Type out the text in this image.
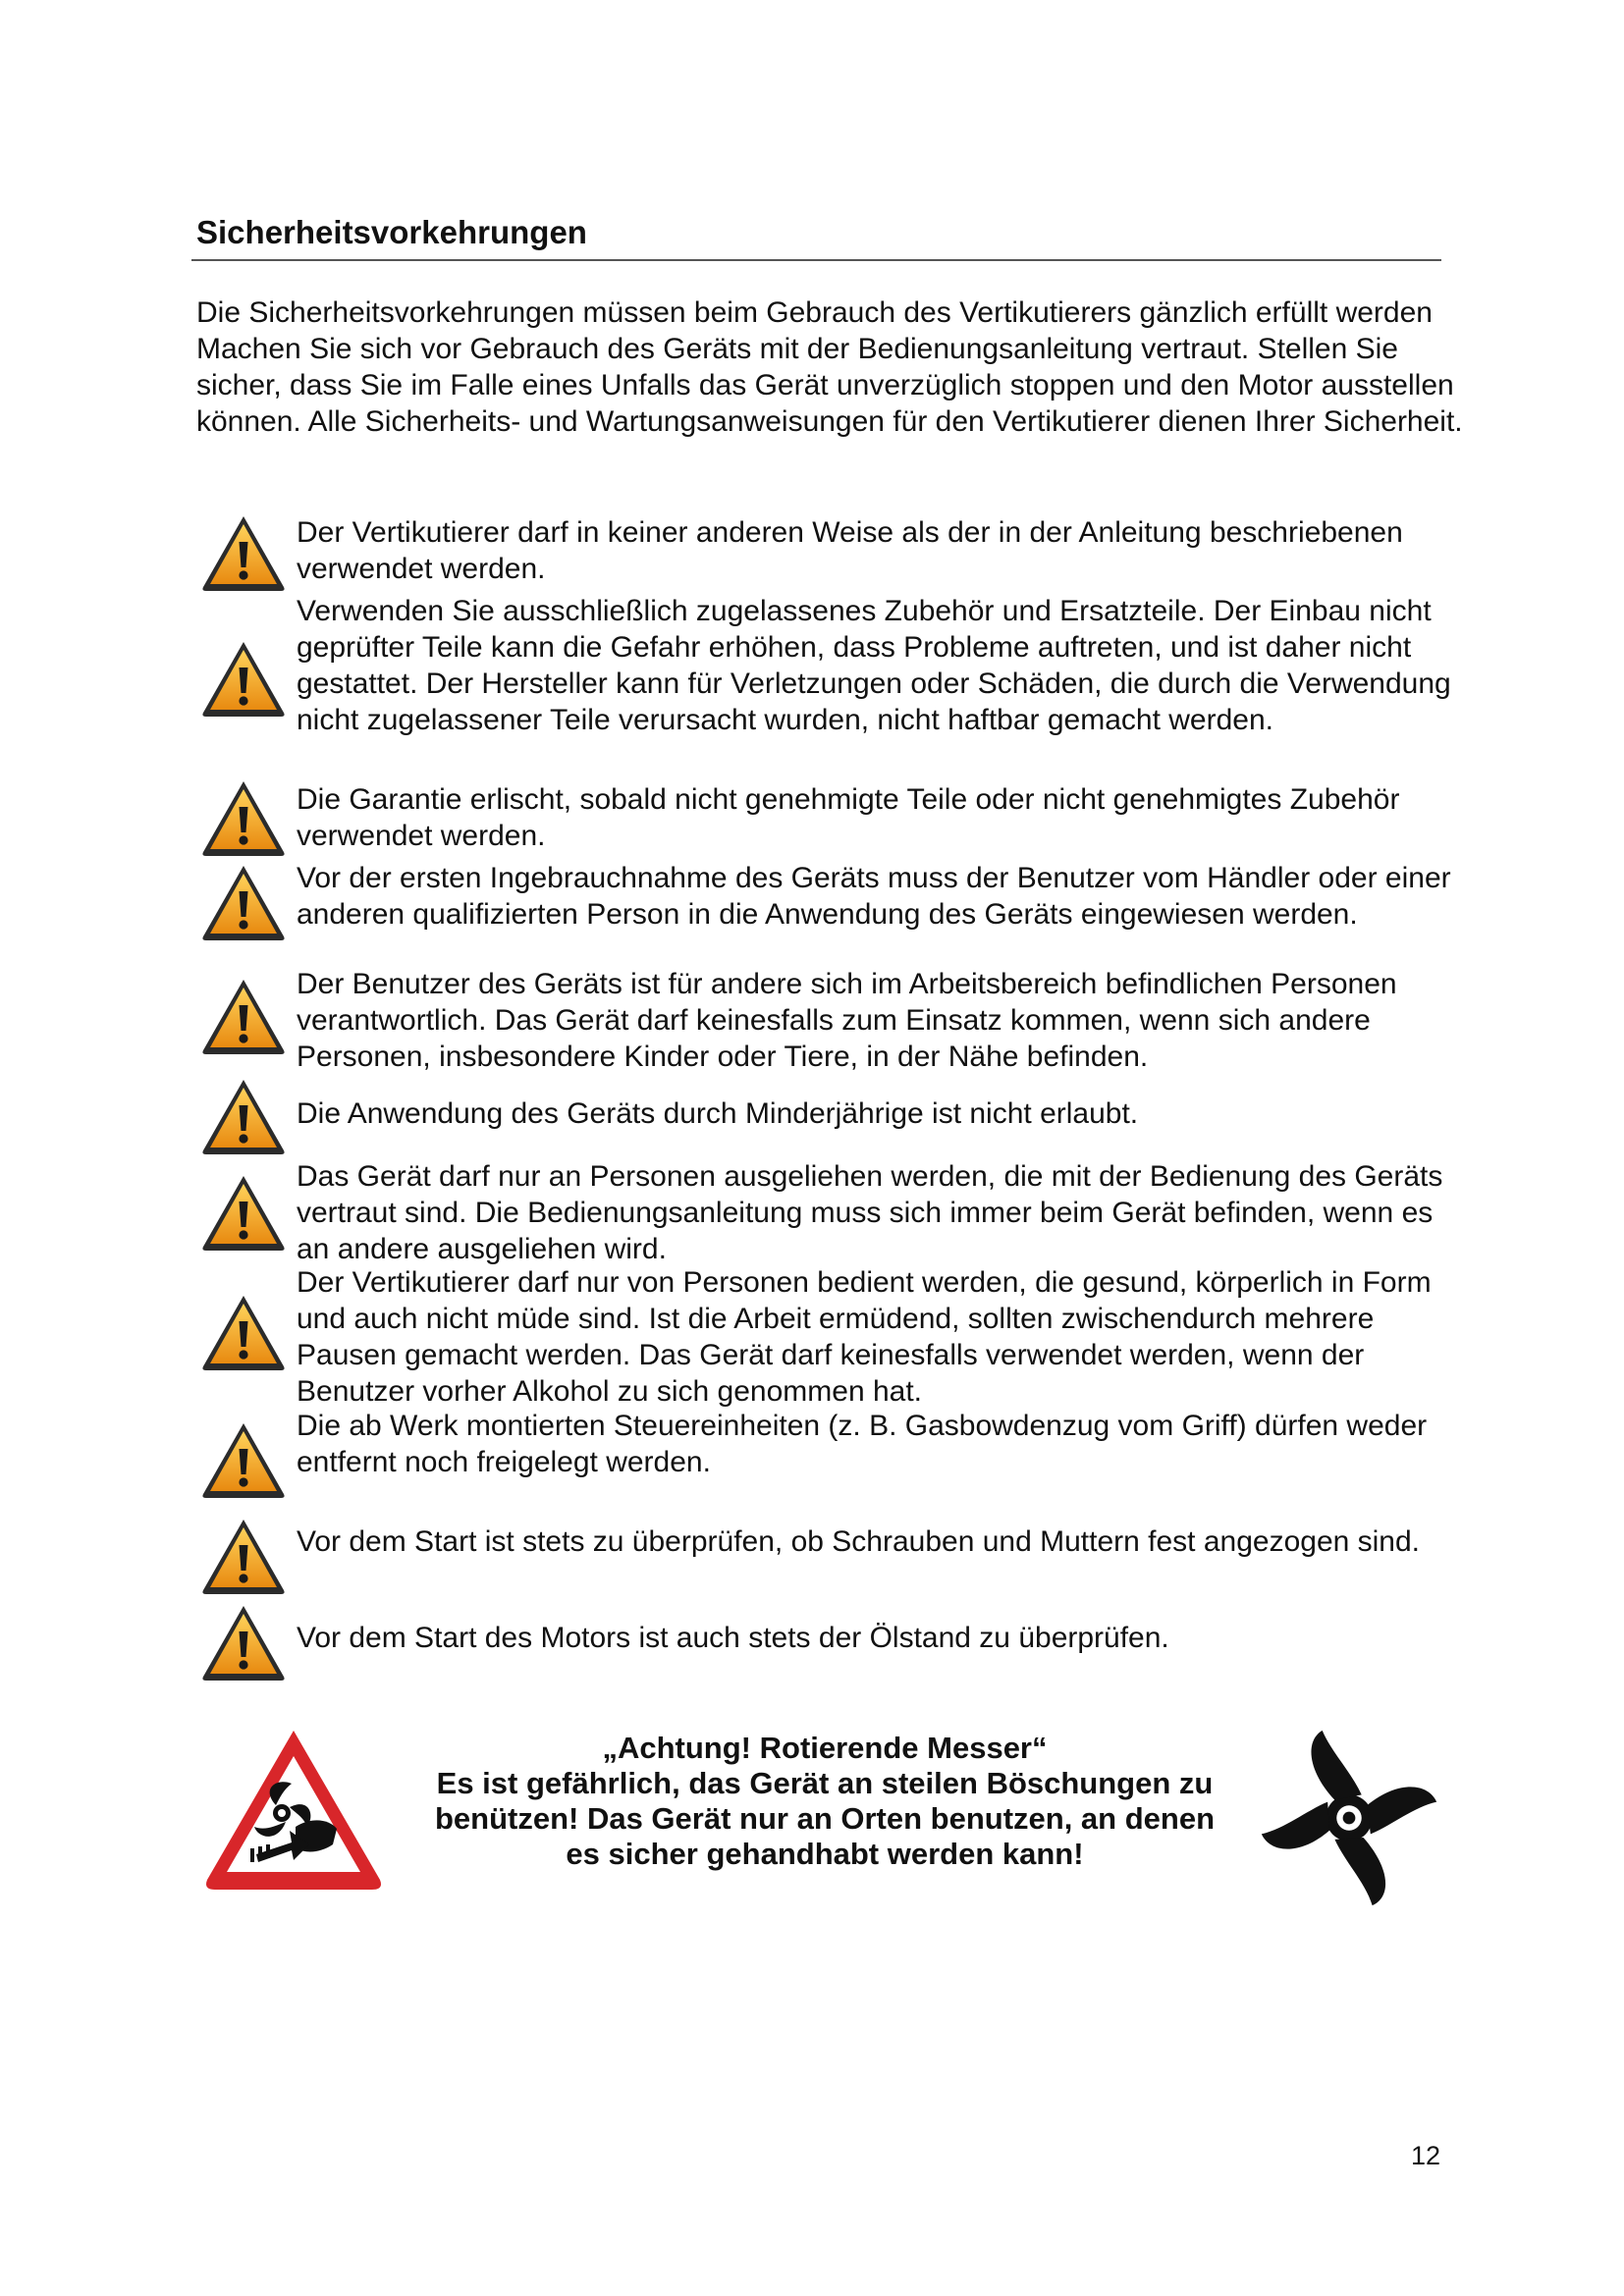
Sicherheitsvorkehrungen

Die Sicherheitsvorkehrungen müssen beim Gebrauch des Vertikutierers gänzlich erfüllt werden Machen Sie sich vor Gebrauch des Geräts mit der Bedienungsanleitung vertraut. Stellen Sie sicher, dass Sie im Falle eines Unfalls das Gerät unverzüglich stoppen und den Motor ausstellen können. Alle Sicherheits- und Wartungsanweisungen für den Vertikutierer dienen Ihrer Sicherheit.

Der Vertikutierer darf in keiner anderen Weise als der in der Anleitung beschriebenen verwendet werden.

Verwenden Sie ausschließlich zugelassenes Zubehör und Ersatzteile. Der Einbau nicht geprüfter Teile kann die Gefahr erhöhen, dass Probleme auftreten, und ist daher nicht gestattet. Der Hersteller kann für Verletzungen oder Schäden, die durch die Verwendung nicht zugelassener Teile verursacht wurden, nicht haftbar gemacht werden.

Die Garantie erlischt, sobald nicht genehmigte Teile oder nicht genehmigtes Zubehör verwendet werden.

Vor der ersten Ingebrauchnahme des Geräts muss der Benutzer vom Händler oder einer anderen qualifizierten Person in die Anwendung des Geräts eingewiesen werden.

Der Benutzer des Geräts ist für andere sich im Arbeitsbereich befindlichen Personen verantwortlich. Das Gerät darf keinesfalls zum Einsatz kommen, wenn sich andere Personen, insbesondere Kinder oder Tiere, in der Nähe befinden.

Die Anwendung des Geräts durch Minderjährige ist nicht erlaubt.

Das Gerät darf nur an Personen ausgeliehen werden, die mit der Bedienung des Geräts vertraut sind. Die Bedienungsanleitung muss sich immer beim Gerät befinden, wenn es an andere ausgeliehen wird.

Der Vertikutierer darf nur von Personen bedient werden, die gesund, körperlich in Form und auch nicht müde sind. Ist die Arbeit ermüdend, sollten zwischendurch mehrere Pausen gemacht werden. Das Gerät darf keinesfalls verwendet werden, wenn der Benutzer vorher Alkohol zu sich genommen hat.

Die ab Werk montierten Steuereinheiten (z. B. Gasbowdenzug vom Griff) dürfen weder entfernt noch freigelegt werden.

Vor dem Start ist stets zu überprüfen, ob Schrauben und Muttern fest angezogen sind.

Vor dem Start des Motors ist auch stets der Ölstand zu überprüfen.

„Achtung! Rotierende Messer“
Es ist gefährlich, das Gerät an steilen Böschungen zu
benützen! Das Gerät nur an Orten benutzen, an denen
es sicher gehandhabt werden kann!

12
